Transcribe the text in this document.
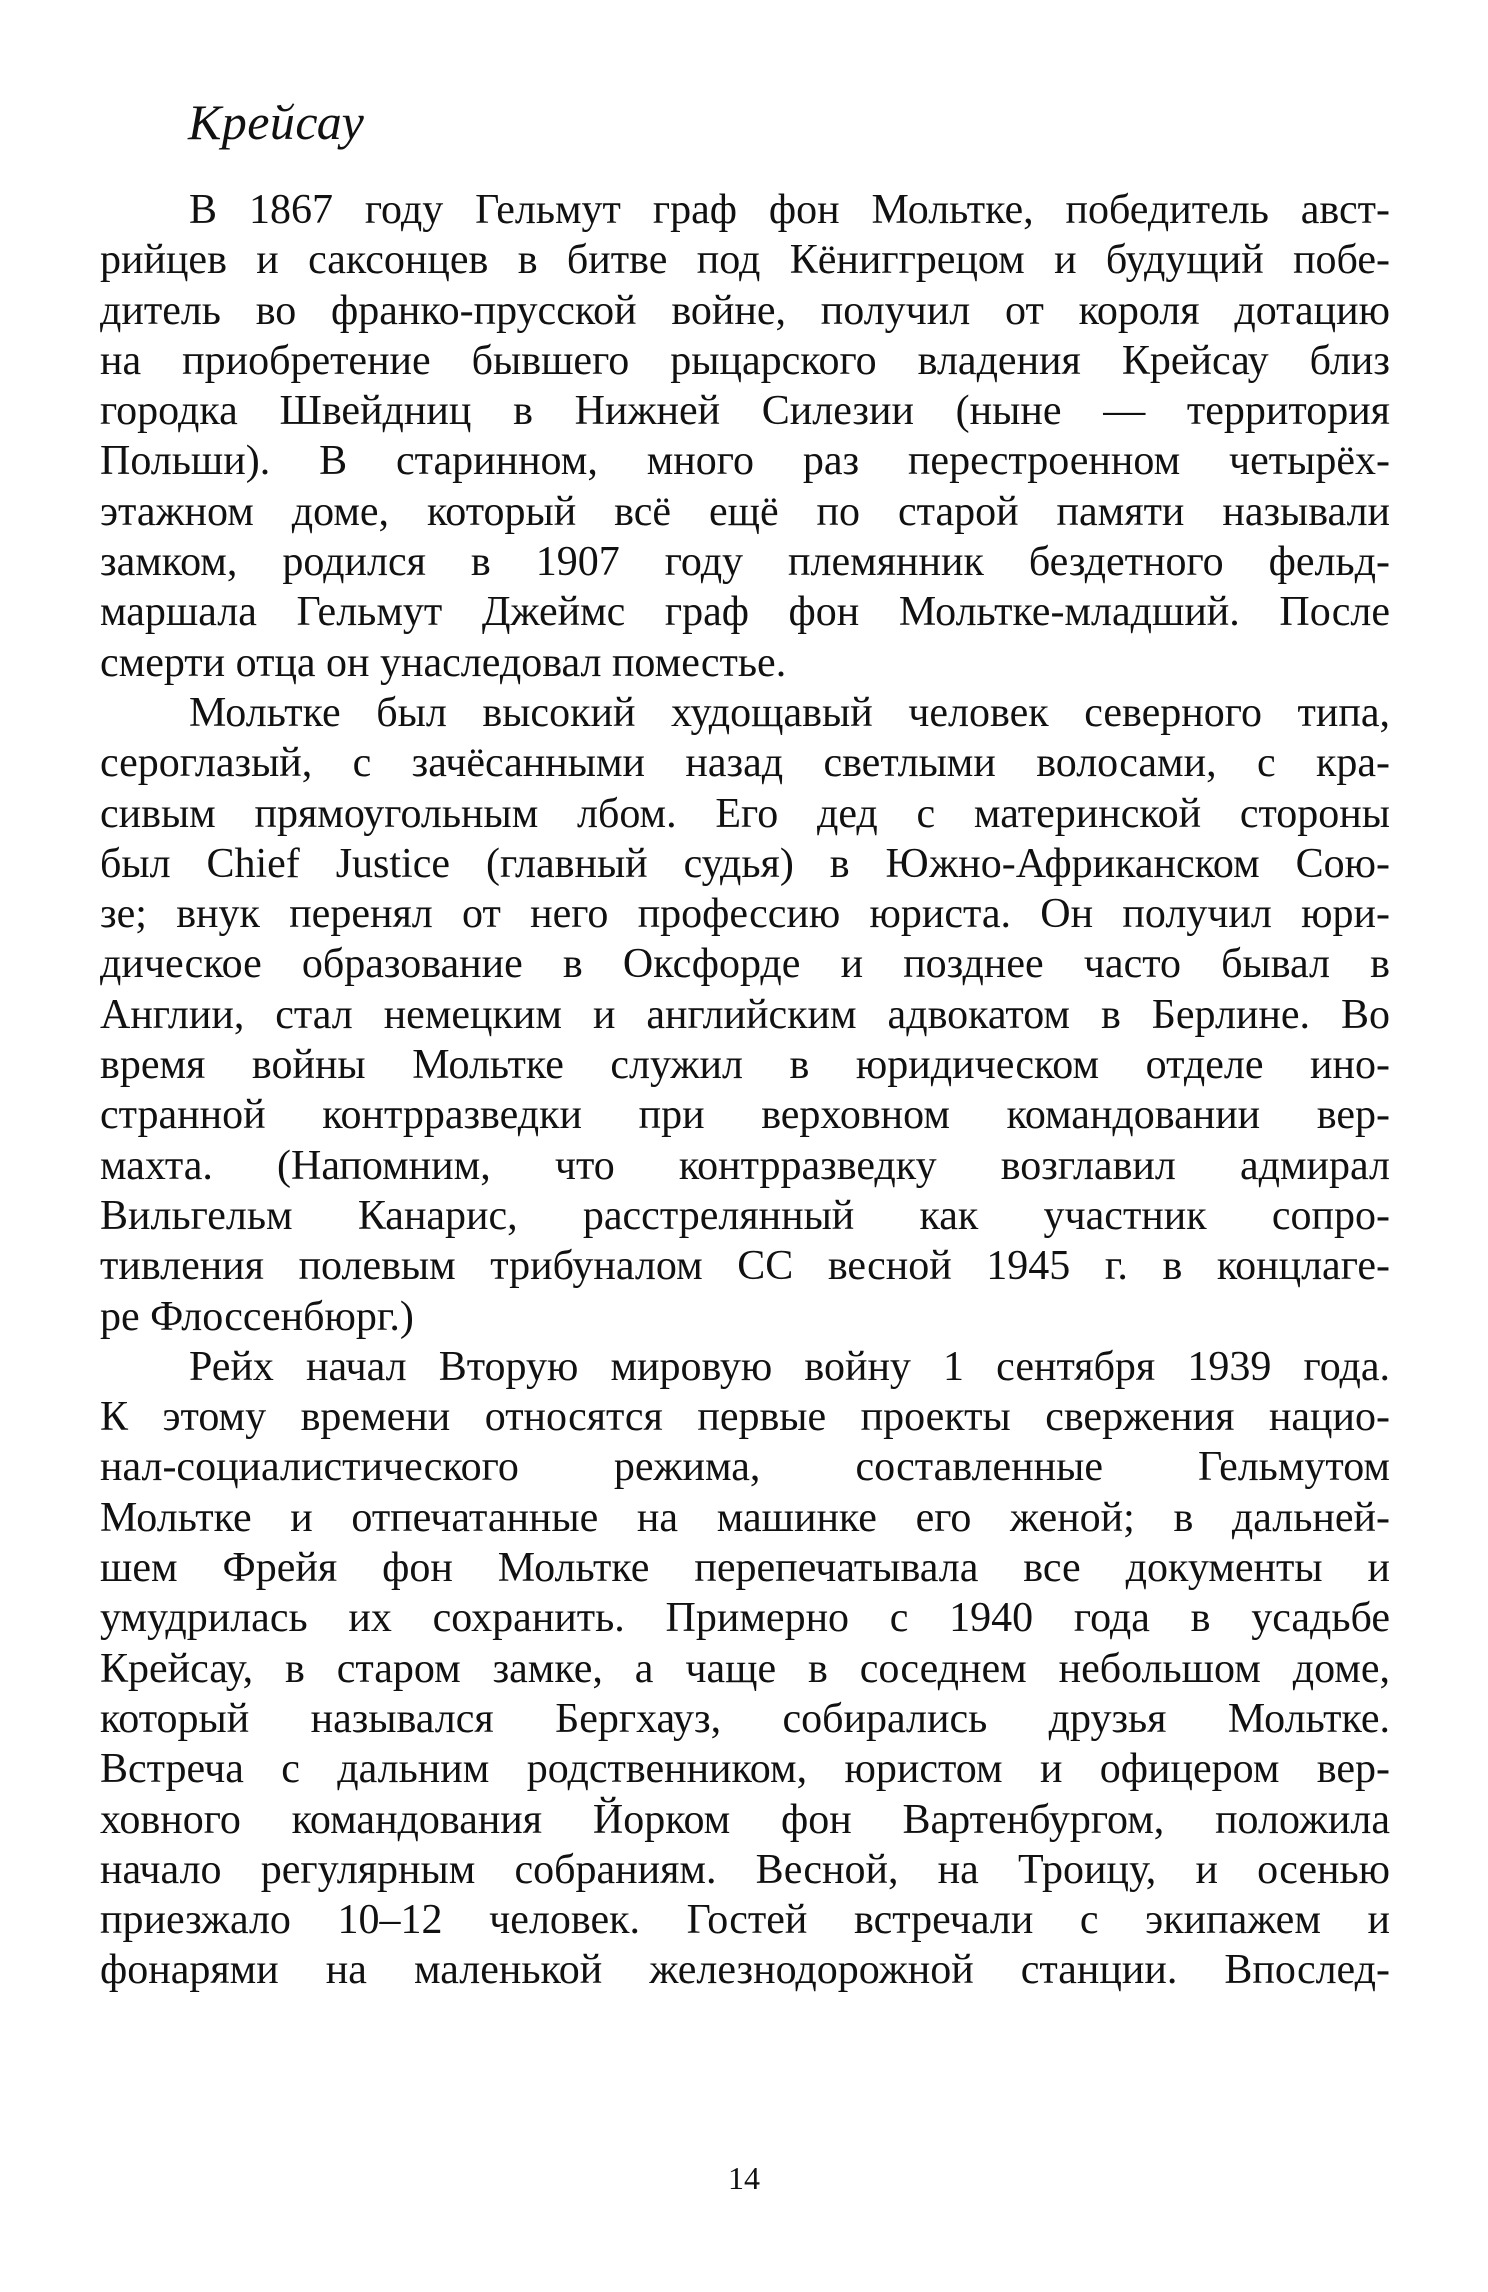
Крейсау

В 1867 году Гельмут граф фон Мольтке, победитель авст-
рийцев и саксонцев в битве под Кёниггрецом и будущий побе-
дитель во франко-прусской войне, получил от короля дотацию
на приобретение бывшего рыцарского владения Крейсау близ
городка Швейдниц в Нижней Силезии (ныне — территория
Польши). В старинном, много раз перестроенном четырёх-
этажном доме, который всё ещё по старой памяти называли
замком, родился в 1907 году племянник бездетного фельд-
маршала Гельмут Джеймс граф фон Мольтке-младший. После
смерти отца он унаследовал поместье.

Мольтке был высокий худощавый человек северного типа,
сероглазый, с зачёсанными назад светлыми волосами, с кра-
сивым прямоугольным лбом. Его дед с материнской стороны
был Chief Justice (главный судья) в Южно-Африканском Сою-
зе; внук перенял от него профессию юриста. Он получил юри-
дическое образование в Оксфорде и позднее часто бывал в
Англии, стал немецким и английским адвокатом в Берлине. Во
время войны Мольтке служил в юридическом отделе ино-
странной контрразведки при верховном командовании вер-
махта. (Напомним, что контрразведку возглавил адмирал
Вильгельм Канарис, расстрелянный как участник сопро-
тивления полевым трибуналом СС весной 1945 г. в концлаге-
ре Флоссенбюрг.)

Рейх начал Вторую мировую войну 1 сентября 1939 года.
К этому времени относятся первые проекты свержения нацио-
нал-социалистического режима, составленные Гельмутом
Мольтке и отпечатанные на машинке его женой; в дальней-
шем Фрейя фон Мольтке перепечатывала все документы и
умудрилась их сохранить. Примерно с 1940 года в усадьбе
Крейсау, в старом замке, а чаще в соседнем небольшом доме,
который назывался Бергхауз, собирались друзья Мольтке.
Встреча с дальним родственником, юристом и офицером вер-
ховного командования Йорком фон Вартенбургом, положила
начало регулярным собраниям. Весной, на Троицу, и осенью
приезжало 10–12 человек. Гостей встречали с экипажем и
фонарями на маленькой железнодорожной станции. Впослед-

14
